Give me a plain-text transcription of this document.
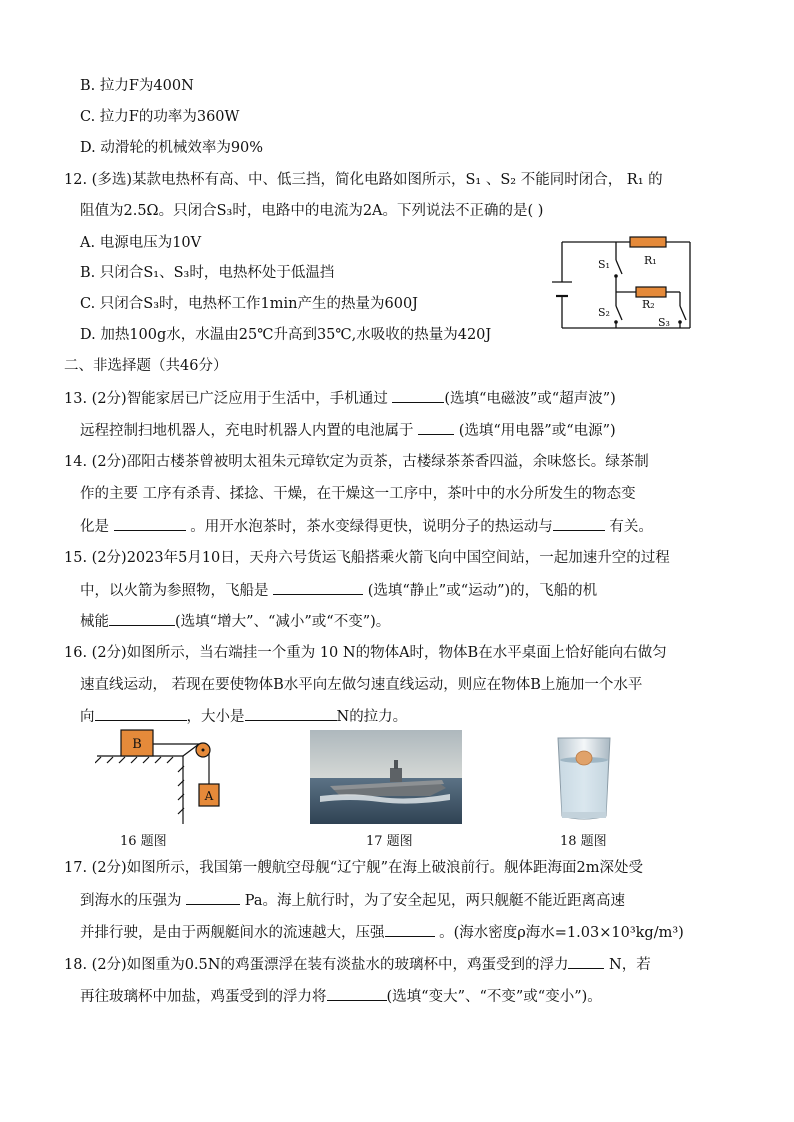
B. 拉力F为400N
C. 拉力F的功率为360W
D. 动滑轮的机械效率为90%
12. (多选)某款电热杯有高、中、低三挡，简化电路如图所示，S₁ 、S₂ 不能同时闭合， R₁ 的
阻值为2.5Ω。只闭合S₃时，电路中的电流为2A。下列说法不正确的是( )
A. 电源电压为10V
B. 只闭合S₁、S₃时，电热杯处于低温挡
C. 只闭合S₃时，电热杯工作1min产生的热量为600J
D. 加热100g水，水温由25℃升高到35℃,水吸收的热量为420J
S₁	R₁
S₂
R₂
S₃
二、非选择题（共46分）
13. (2分)智能家居已广泛应用于生活中，手机通过	(选填“电磁波”或“超声波”)
远程控制扫地机器人，充电时机器人内置的电池属于  (选填“用电器”或“电源”)
14. (2分)邵阳古楼茶曾被明太祖朱元璋钦定为贡茶，古楼绿茶茶香四溢，余味悠长。绿茶制
作的主要 工序有杀青、揉捻、干燥，在干燥这一工序中，茶叶中的水分所发生的物态变
化是	。用开水泡茶时，茶水变绿得更快，说明分子的热运动与	有关。
15. (2分)2023年5月10日，天舟六号货运飞船搭乘火箭飞向中国空间站，一起加速升空的过程
中，以火箭为参照物，飞船是	(选填“静止”或“运动”)的，飞船的机
械能	(选填“增大”、“减小”或“不变”)。
16. (2分)如图所示，当右端挂一个重为 10 N的物体A时，物体B在水平桌面上恰好能向右做匀
速直线运动， 若现在要使物体B水平向左做匀速直线运动，则应在物体B上施加一个水平
向	，大小是	N的拉力。
B
A
16 题图	17 题图	18 题图
17. (2分)如图所示，我国第一艘航空母舰“辽宁舰”在海上破浪前行。舰体距海面2m深处受
到海水的压强为	Pa。海上航行时，为了安全起见，两只舰艇不能近距离高速
并排行驶，是由于两舰艇间水的流速越大，压强	。(海水密度ρ海水=1.03×10³kg/m³)
18. (2分)如图重为0.5N的鸡蛋漂浮在装有淡盐水的玻璃杯中，鸡蛋受到的浮力 N，若
再往玻璃杯中加盐，鸡蛋受到的浮力将	(选填“变大”、“不变”或“变小”)。
